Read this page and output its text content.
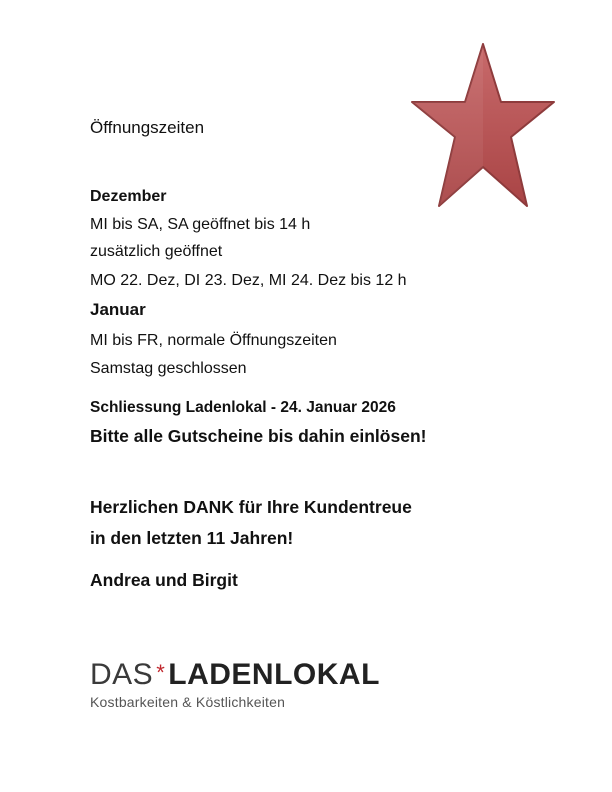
Öffnungszeiten

Dezember

MI bis SA, SA geöffnet bis 14 h

zusätzlich geöffnet

MO 22. Dez, DI 23. Dez, MI 24. Dez bis 12 h

Januar

MI bis FR, normale Öffnungszeiten

Samstag geschlossen

Schliessung Ladenlokal - 24. Januar 2026

Bitte alle Gutscheine bis dahin einlösen!

Herzlichen DANK für Ihre Kundentreue

in den letzten 11 Jahren!

Andrea und Birgit

DAS * LADENLOKAL
Kostbarkeiten & Köstlichkeiten
